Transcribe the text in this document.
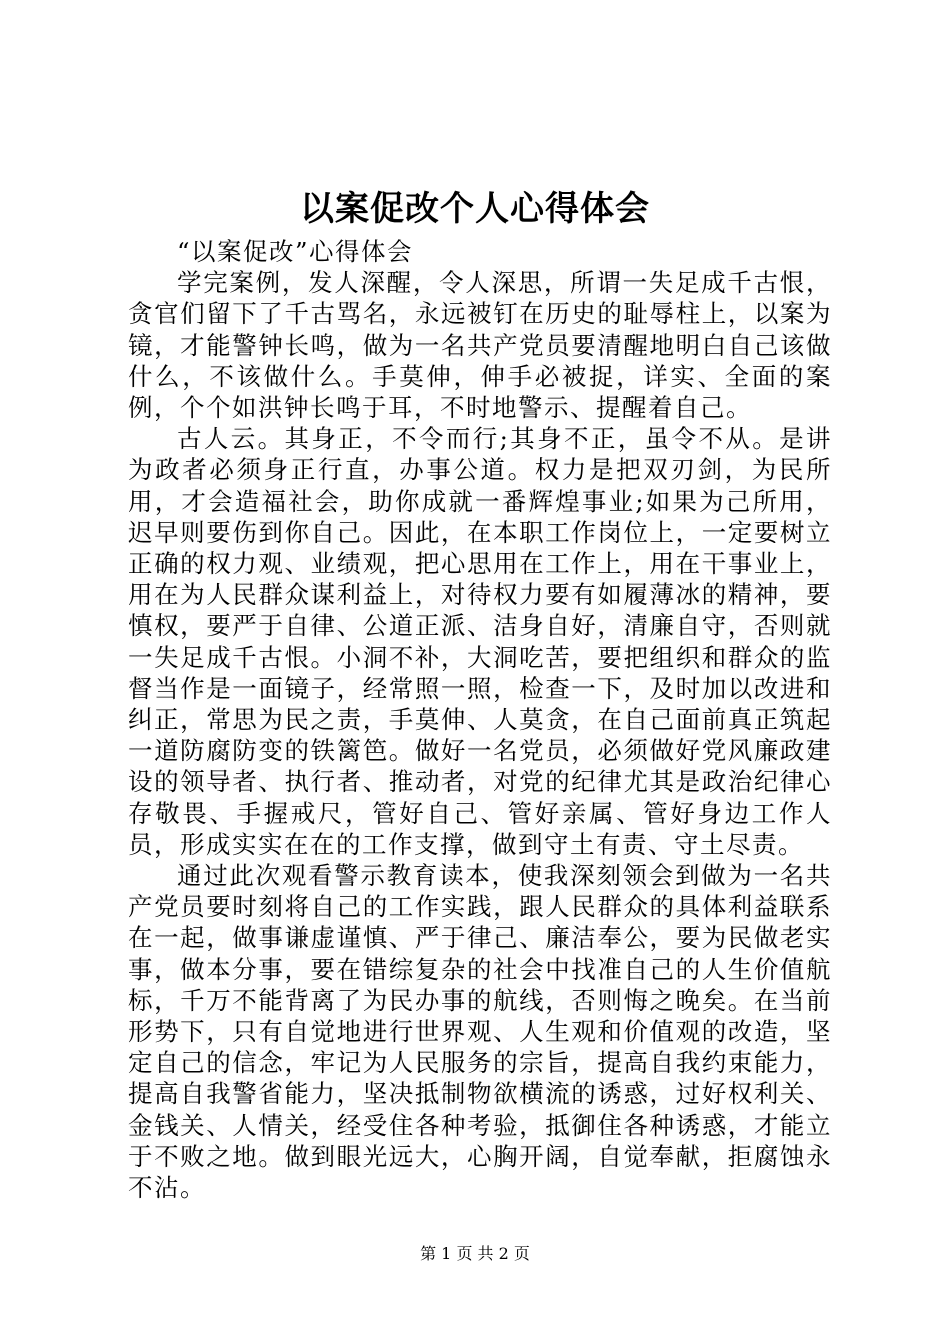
以案促改个人心得体会

“以案促改”心得体会

学完案例，发人深醒，令人深思，所谓一失足成千古恨，贪官们留下了千古骂名，永远被钉在历史的耻辱柱上，以案为镜，才能警钟长鸣，做为一名共产党员要清醒地明白自己该做什么，不该做什么。手莫伸，伸手必被捉，详实、全面的案例，个个如洪钟长鸣于耳，不时地警示、提醒着自己。

古人云。其身正，不令而行;其身不正，虽令不从。是讲为政者必须身正行直，办事公道。权力是把双刃剑，为民所用，才会造福社会，助你成就一番辉煌事业;如果为己所用，迟早则要伤到你自己。因此，在本职工作岗位上，一定要树立正确的权力观、业绩观，把心思用在工作上，用在干事业上，用在为人民群众谋利益上，对待权力要有如履薄冰的精神，要慎权，要严于自律、公道正派、洁身自好，清廉自守，否则就一失足成千古恨。小洞不补，大洞吃苦，要把组织和群众的监督当作是一面镜子，经常照一照，检查一下，及时加以改进和纠正，常思为民之责，手莫伸、人莫贪，在自己面前真正筑起一道防腐防变的铁篱笆。做好一名党员，必须做好党风廉政建设的领导者、执行者、推动者，对党的纪律尤其是政治纪律心存敬畏、手握戒尺，管好自己、管好亲属、管好身边工作人员，形成实实在在的工作支撑，做到守土有责、守土尽责。

通过此次观看警示教育读本，使我深刻领会到做为一名共产党员要时刻将自己的工作实践，跟人民群众的具体利益联系在一起，做事谦虚谨慎、严于律己、廉洁奉公，要为民做老实事，做本分事，要在错综复杂的社会中找准自己的人生价值航标，千万不能背离了为民办事的航线，否则悔之晚矣。在当前形势下，只有自觉地进行世界观、人生观和价值观的改造，坚定自己的信念，牢记为人民服务的宗旨，提高自我约束能力，提高自我警省能力，坚决抵制物欲横流的诱惑，过好权利关、金钱关、人情关，经受住各种考验，抵御住各种诱惑，才能立于不败之地。做到眼光远大，心胸开阔，自觉奉献，拒腐蚀永不沾。

第 1 页 共 2 页
